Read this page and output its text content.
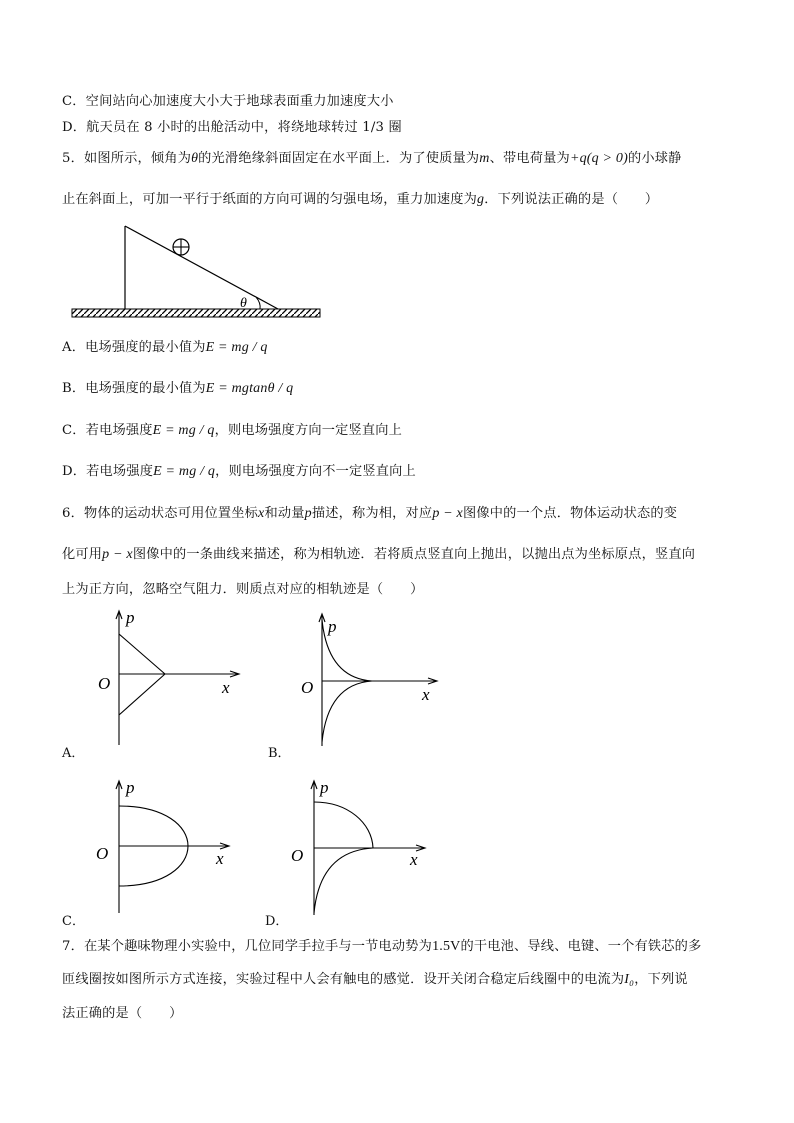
C．空间站向心加速度大小大于地球表面重力加速度大小
D．航天员在 8 小时的出舱活动中，将绕地球转过 1/3 圈
5．如图所示，倾角为θ的光滑绝缘斜面固定在水平面上．为了使质量为m、带电荷量为+q(q > 0)的小球静
止在斜面上，可加一平行于纸面的方向可调的匀强电场，重力加速度为g．下列说法正确的是（　　）
θ
A．电场强度的最小值为E = mg / q
B．电场强度的最小值为E = mgtanθ / q
C．若电场强度E = mg / q，则电场强度方向一定竖直向上
D．若电场强度E = mg / q，则电场强度方向不一定竖直向上
6．物体的运动状态可用位置坐标x和动量p描述，称为相，对应p − x图像中的一个点．物体运动状态的变
化可用p − x图像中的一条曲线来描述，称为相轨迹．若将质点竖直向上抛出，以抛出点为坐标原点，竖直向
上为正方向，忽略空气阻力．则质点对应的相轨迹是（　　）
p
x
O
A．
p
x
O
B．
p
x
O
C．
p
x
O
D．
7．在某个趣味物理小实验中，几位同学手拉手与一节电动势为1.5V的干电池、导线、电键、一个有铁芯的多
匝线圈按如图所示方式连接，实验过程中人会有触电的感觉．设开关闭合稳定后线圈中的电流为I₀，下列说
法正确的是（　　）
